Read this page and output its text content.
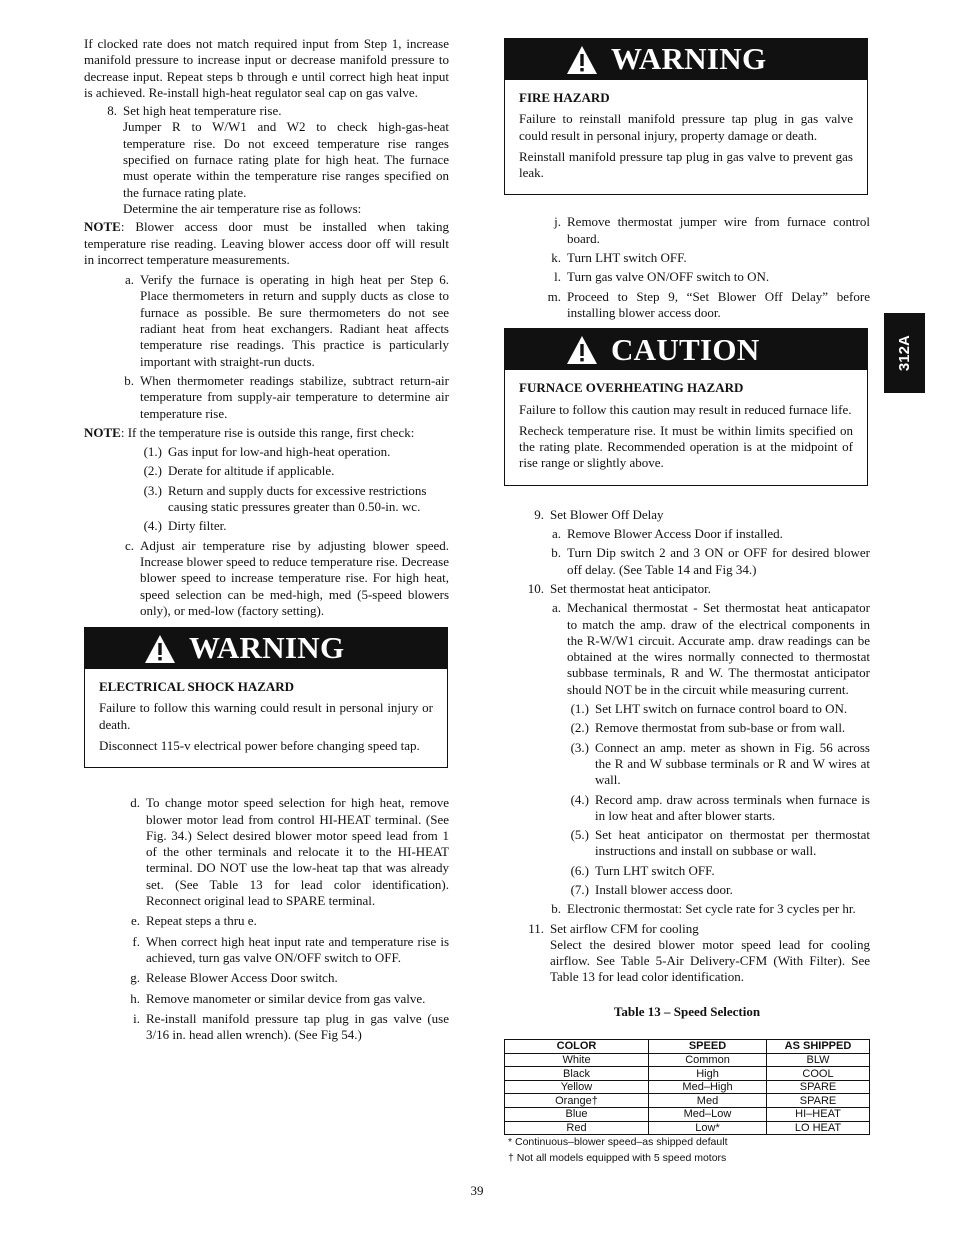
If clocked rate does not match required input from Step 1, increase manifold pressure to increase input or decrease manifold pressure to decrease input. Repeat steps b through e until correct high heat input is achieved. Re-install high-heat regulator seal cap on gas valve.

8. Set high heat temperature rise.

Jumper R to W/W1 and W2 to check high-gas-heat temperature rise. Do not exceed temperature rise ranges specified on furnace rating plate for high heat. The furnace must operate within the temperature rise ranges specified on the furnace rating plate.

Determine the air temperature rise as follows:

NOTE: Blower access door must be installed when taking temperature rise reading. Leaving blower access door off will result in incorrect temperature measurements.

a. Verify the furnace is operating in high heat per Step 6. Place thermometers in return and supply ducts as close to furnace as possible. Be sure thermometers do not see radiant heat from heat exchangers. Radiant heat affects temperature rise readings. This practice is particularly important with straight-run ducts.

b. When thermometer readings stabilize, subtract return-air temperature from supply-air temperature to determine air temperature rise.

NOTE: If the temperature rise is outside this range, first check:

(1.) Gas input for low-and high-heat operation.

(2.) Derate for altitude if applicable.

(3.) Return and supply ducts for excessive restrictions causing static pressures greater than 0.50-in. wc.

(4.) Dirty filter.

c. Adjust air temperature rise by adjusting blower speed. Increase blower speed to reduce temperature rise. Decrease blower speed to increase temperature rise. For high heat, speed selection can be med-high, med (5-speed blowers only), or med-low (factory setting).

WARNING

ELECTRICAL SHOCK HAZARD

Failure to follow this warning could result in personal injury or death.

Disconnect 115-v electrical power before changing speed tap.

d. To change motor speed selection for high heat, remove blower motor lead from control HI-HEAT terminal. (See Fig. 34.) Select desired blower motor speed lead from 1 of the other terminals and relocate it to the HI-HEAT terminal. DO NOT use the low-heat tap that was already set. (See Table 13 for lead color identification). Reconnect original lead to SPARE terminal.

e. Repeat steps a thru e.

f. When correct high heat input rate and temperature rise is achieved, turn gas valve ON/OFF switch to OFF.

g. Release Blower Access Door switch.

h. Remove manometer or similar device from gas valve.

i. Re-install manifold pressure tap plug in gas valve (use 3/16 in. head allen wrench). (See Fig 54.)

WARNING

FIRE HAZARD

Failure to reinstall manifold pressure tap plug in gas valve could result in personal injury, property damage or death.

Reinstall manifold pressure tap plug in gas valve to prevent gas leak.

j. Remove thermostat jumper wire from furnace control board.

k. Turn LHT switch OFF.

l. Turn gas valve ON/OFF switch to ON.

m. Proceed to Step 9, “Set Blower Off Delay” before installing blower access door.

CAUTION

FURNACE OVERHEATING HAZARD

Failure to follow this caution may result in reduced furnace life.

Recheck temperature rise. It must be within limits specified on the rating plate. Recommended operation is at the midpoint of rise range or slightly above.

9. Set Blower Off Delay

a. Remove Blower Access Door if installed.

b. Turn Dip switch 2 and 3 ON or OFF for desired blower off delay. (See Table 14 and Fig 34.)

10. Set thermostat heat anticipator.

a. Mechanical thermostat - Set thermostat heat anticapator to match the amp. draw of the electrical components in the R-W/W1 circuit. Accurate amp. draw readings can be obtained at the wires normally connected to thermostat subbase terminals, R and W. The thermostat anticipator should NOT be in the circuit while measuring current.

(1.) Set LHT switch on furnace control board to ON.

(2.) Remove thermostat from sub-base or from wall.

(3.) Connect an amp. meter as shown in Fig. 56 across the R and W subbase terminals or R and W wires at wall.

(4.) Record amp. draw across terminals when furnace is in low heat and after blower starts.

(5.) Set heat anticipator on thermostat per thermostat instructions and install on subbase or wall.

(6.) Turn LHT switch OFF.

(7.) Install blower access door.

b. Electronic thermostat: Set cycle rate for 3 cycles per hr.

11. Set airflow CFM for cooling

Select the desired blower motor speed lead for cooling airflow. See Table 5-Air Delivery-CFM (With Filter). See Table 13 for lead color identification.

Table 13 – Speed Selection

COLOR	SPEED	AS SHIPPED
White	Common	BLW
Black	High	COOL
Yellow	Med–High	SPARE
Orange†	Med	SPARE
Blue	Med–Low	HI–HEAT
Red	Low*	LO HEAT

* Continuous–blower speed–as shipped default

† Not all models equipped with 5 speed motors

312A
39
